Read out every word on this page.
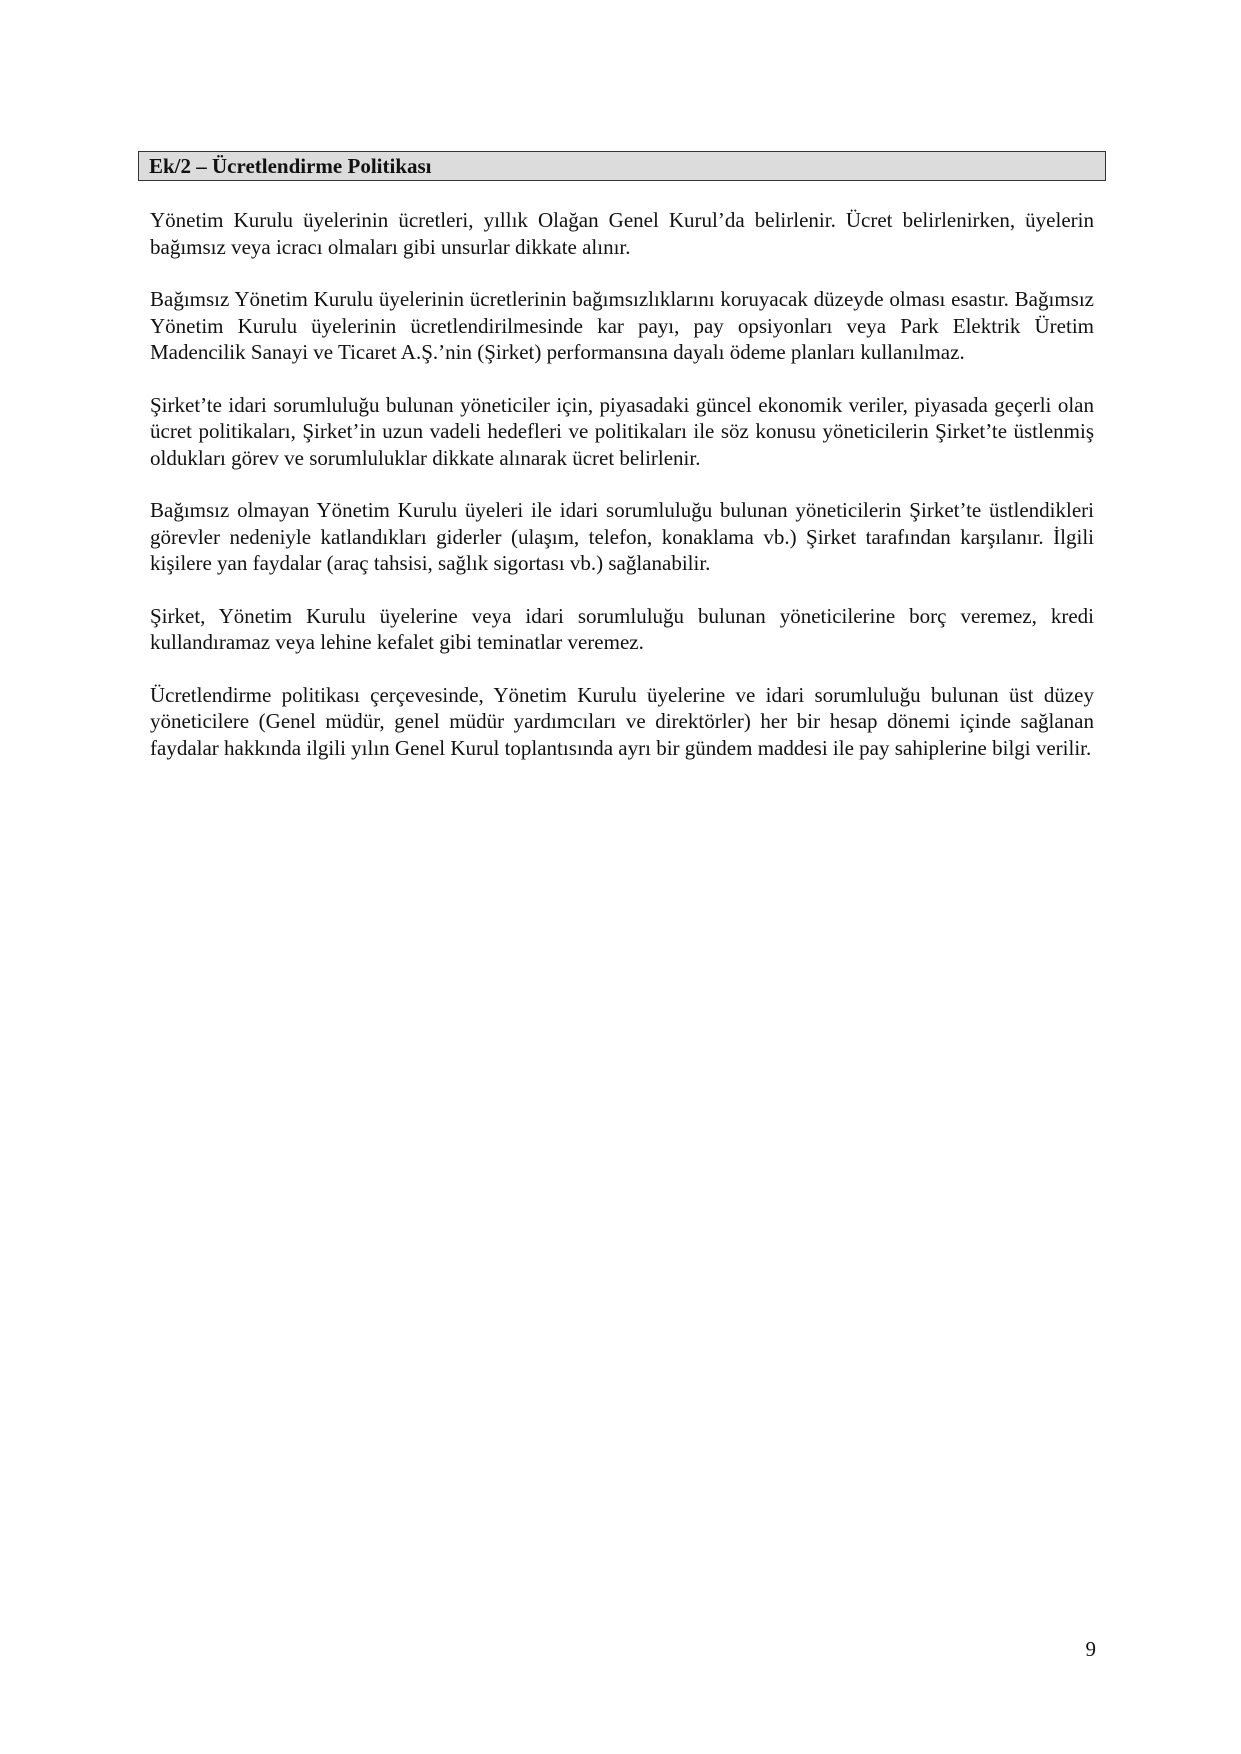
Ek/2 – Ücretlendirme Politikası

Yönetim Kurulu üyelerinin ücretleri, yıllık Olağan Genel Kurul’da belirlenir. Ücret belirlenirken, üyelerin bağımsız veya icracı olmaları gibi unsurlar dikkate alınır.

Bağımsız Yönetim Kurulu üyelerinin ücretlerinin bağımsızlıklarını koruyacak düzeyde olması esastır. Bağımsız Yönetim Kurulu üyelerinin ücretlendirilmesinde kar payı, pay opsiyonları veya Park Elektrik Üretim Madencilik Sanayi ve Ticaret A.Ş.’nin (Şirket) performansına dayalı ödeme planları kullanılmaz.

Şirket’te idari sorumluluğu bulunan yöneticiler için, piyasadaki güncel ekonomik veriler, piyasada geçerli olan ücret politikaları, Şirket’in uzun vadeli hedefleri ve politikaları ile söz konusu yöneticilerin Şirket’te üstlenmiş oldukları görev ve sorumluluklar dikkate alınarak ücret belirlenir.

Bağımsız olmayan Yönetim Kurulu üyeleri ile idari sorumluluğu bulunan yöneticilerin Şirket’te üstlendikleri görevler nedeniyle katlandıkları giderler (ulaşım, telefon, konaklama vb.) Şirket tarafından karşılanır. İlgili kişilere yan faydalar (araç tahsisi, sağlık sigortası vb.) sağlanabilir.

Şirket, Yönetim Kurulu üyelerine veya idari sorumluluğu bulunan yöneticilerine borç veremez, kredi kullandıramaz veya lehine kefalet gibi teminatlar veremez.

Ücretlendirme politikası çerçevesinde, Yönetim Kurulu üyelerine ve idari sorumluluğu bulunan üst düzey yöneticilere (Genel müdür, genel müdür yardımcıları ve direktörler) her bir hesap dönemi içinde sağlanan faydalar hakkında ilgili yılın Genel Kurul toplantısında ayrı bir gündem maddesi ile pay sahiplerine bilgi verilir.

9
